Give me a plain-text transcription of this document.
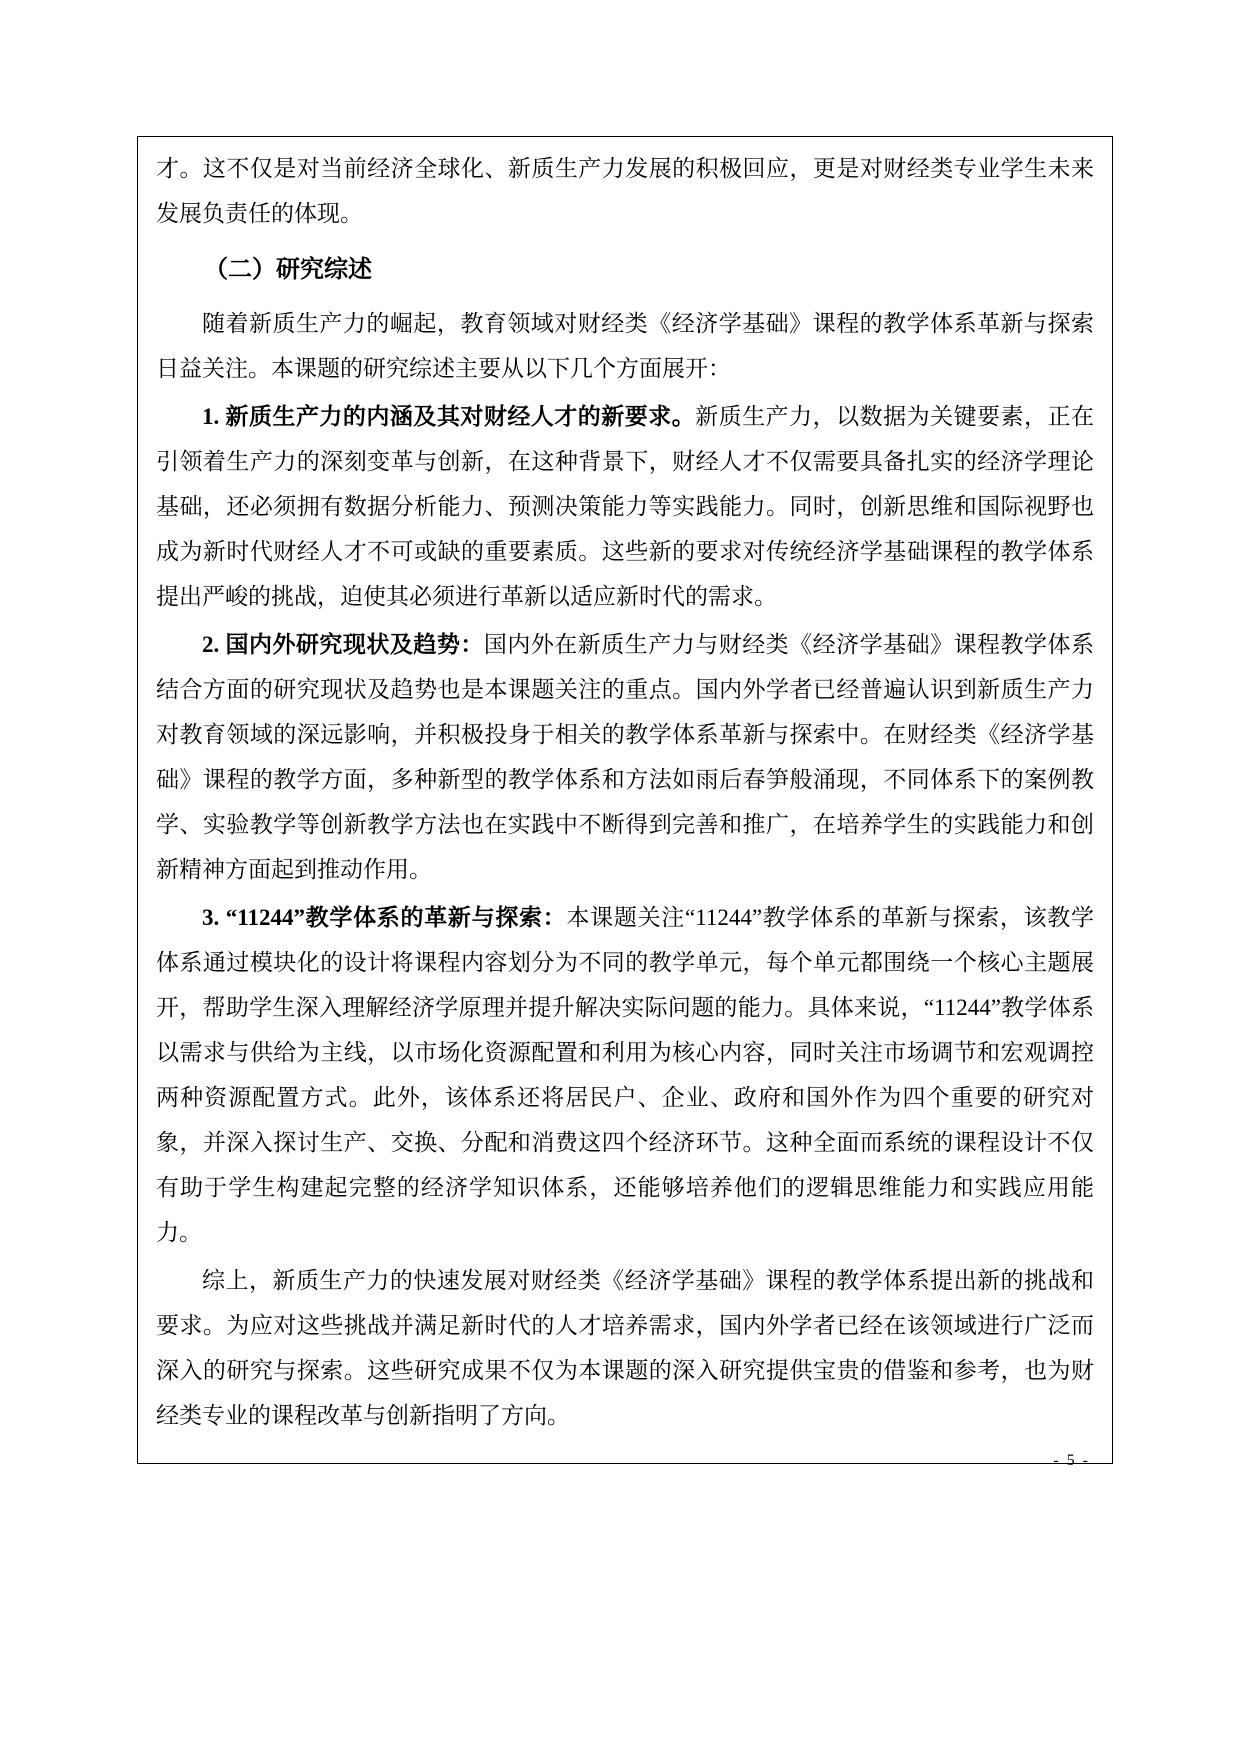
才。这不仅是对当前经济全球化、新质生产力发展的积极回应，更是对财经类专业学生未来发展负责任的体现。

（二）研究综述

随着新质生产力的崛起，教育领域对财经类《经济学基础》课程的教学体系革新与探索日益关注。本课题的研究综述主要从以下几个方面展开：

1. 新质生产力的内涵及其对财经人才的新要求。新质生产力，以数据为关键要素，正在引领着生产力的深刻变革与创新，在这种背景下，财经人才不仅需要具备扎实的经济学理论基础，还必须拥有数据分析能力、预测决策能力等实践能力。同时，创新思维和国际视野也成为新时代财经人才不可或缺的重要素质。这些新的要求对传统经济学基础课程的教学体系提出严峻的挑战，迫使其必须进行革新以适应新时代的需求。

2. 国内外研究现状及趋势：国内外在新质生产力与财经类《经济学基础》课程教学体系结合方面的研究现状及趋势也是本课题关注的重点。国内外学者已经普遍认识到新质生产力对教育领域的深远影响，并积极投身于相关的教学体系革新与探索中。在财经类《经济学基础》课程的教学方面，多种新型的教学体系和方法如雨后春笋般涌现，不同体系下的案例教学、实验教学等创新教学方法也在实践中不断得到完善和推广，在培养学生的实践能力和创新精神方面起到推动作用。

3. “11244”教学体系的革新与探索：本课题关注“11244”教学体系的革新与探索，该教学体系通过模块化的设计将课程内容划分为不同的教学单元，每个单元都围绕一个核心主题展开，帮助学生深入理解经济学原理并提升解决实际问题的能力。具体来说，“11244”教学体系以需求与供给为主线，以市场化资源配置和利用为核心内容，同时关注市场调节和宏观调控两种资源配置方式。此外，该体系还将居民户、企业、政府和国外作为四个重要的研究对象，并深入探讨生产、交换、分配和消费这四个经济环节。这种全面而系统的课程设计不仅有助于学生构建起完整的经济学知识体系，还能够培养他们的逻辑思维能力和实践应用能力。

综上，新质生产力的快速发展对财经类《经济学基础》课程的教学体系提出新的挑战和要求。为应对这些挑战并满足新时代的人才培养需求，国内外学者已经在该领域进行广泛而深入的研究与探索。这些研究成果不仅为本课题的深入研究提供宝贵的借鉴和参考，也为财经类专业的课程改革与创新指明了方向。

- 5 -
